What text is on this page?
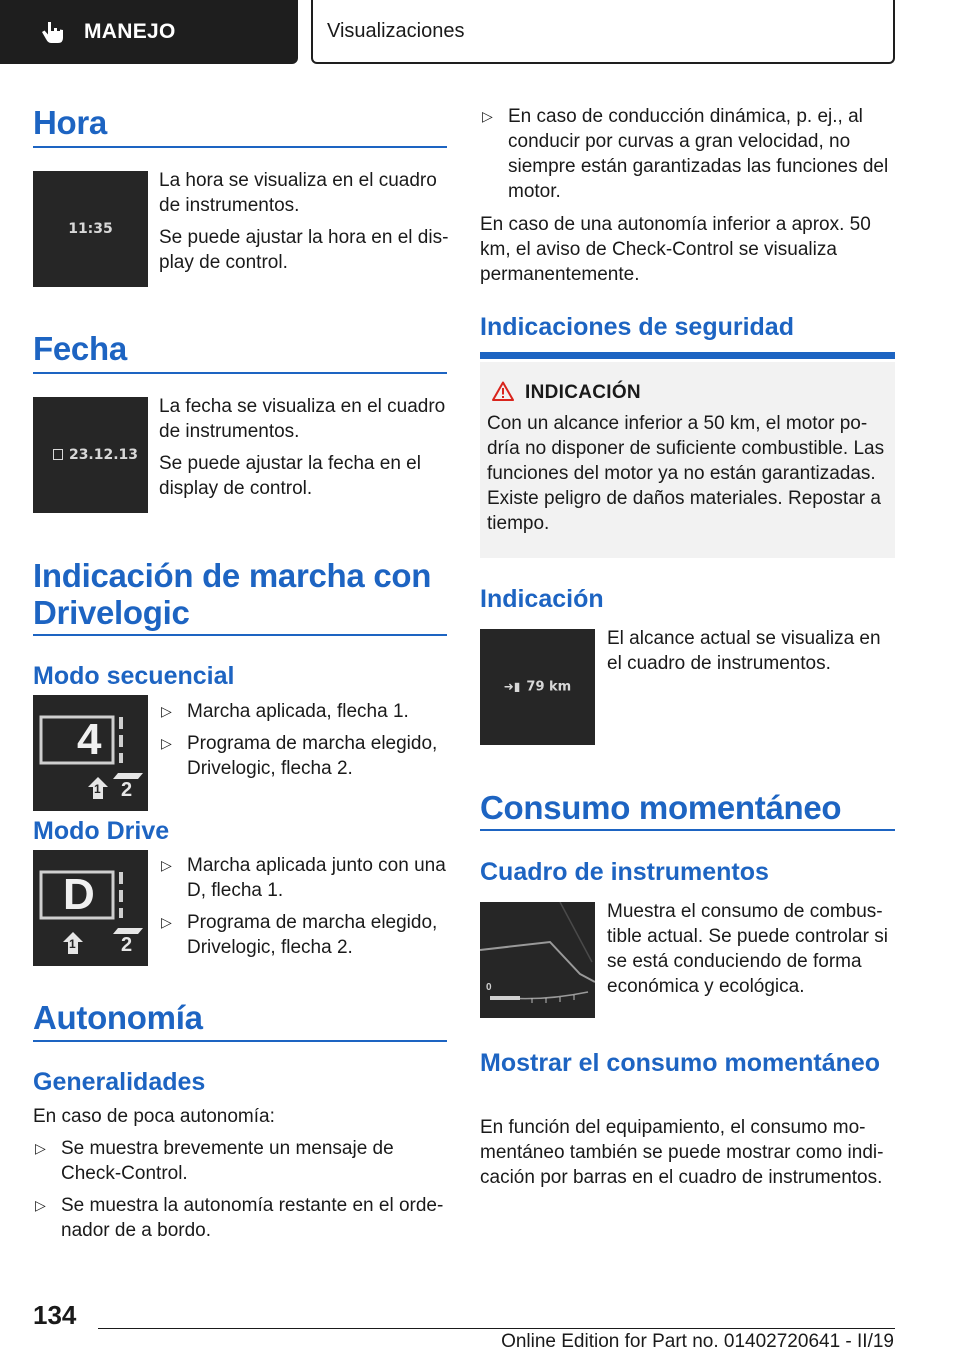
MANEJO	Visualizaciones
Hora
11:35
La hora se visualiza en el cuadro de instrumentos.
Se puede ajustar la hora en el dis-play de control.
Fecha
23.12.13
La fecha se visualiza en el cuadro de instrumentos.
Se puede ajustar la fecha en el display de control.
Indicación de marcha con Drivelogic
Modo secuencial
4
1 2
▷ Marcha aplicada, flecha 1.
▷ Programa de marcha elegido, Drivelogic, flecha 2.
Modo Drive
D
1 2
▷ Marcha aplicada junto con una D, flecha 1.
▷ Programa de marcha elegido, Drivelogic, flecha 2.
Autonomía
Generalidades
En caso de poca autonomía:
▷ Se muestra brevemente un mensaje de Check-Control.
▷ Se muestra la autonomía restante en el orde-nador de a bordo.
▷ En caso de conducción dinámica, p. ej., al conducir por curvas a gran velocidad, no siempre están garantizadas las funciones del motor.
En caso de una autonomía inferior a aprox. 50 km, el aviso de Check-Control se visualiza permanentemente.
Indicaciones de seguridad
INDICACIÓN
Con un alcance inferior a 50 km, el motor po-dría no disponer de suficiente combustible. Las funciones del motor ya no están garantizadas. Existe peligro de daños materiales. Repostar a tiempo.
Indicación
➜▮ 79 km
El alcance actual se visualiza en el cuadro de instrumentos.
Consumo momentáneo
Cuadro de instrumentos
0
Muestra el consumo de combus-tible actual. Se puede controlar si se está conduciendo de forma económica y ecológica.
Mostrar el consumo momentáneo
En función del equipamiento, el consumo mo-mentáneo también se puede mostrar como indi-cación por barras en el cuadro de instrumentos.
134
Online Edition for Part no. 01402720641 - II/19
